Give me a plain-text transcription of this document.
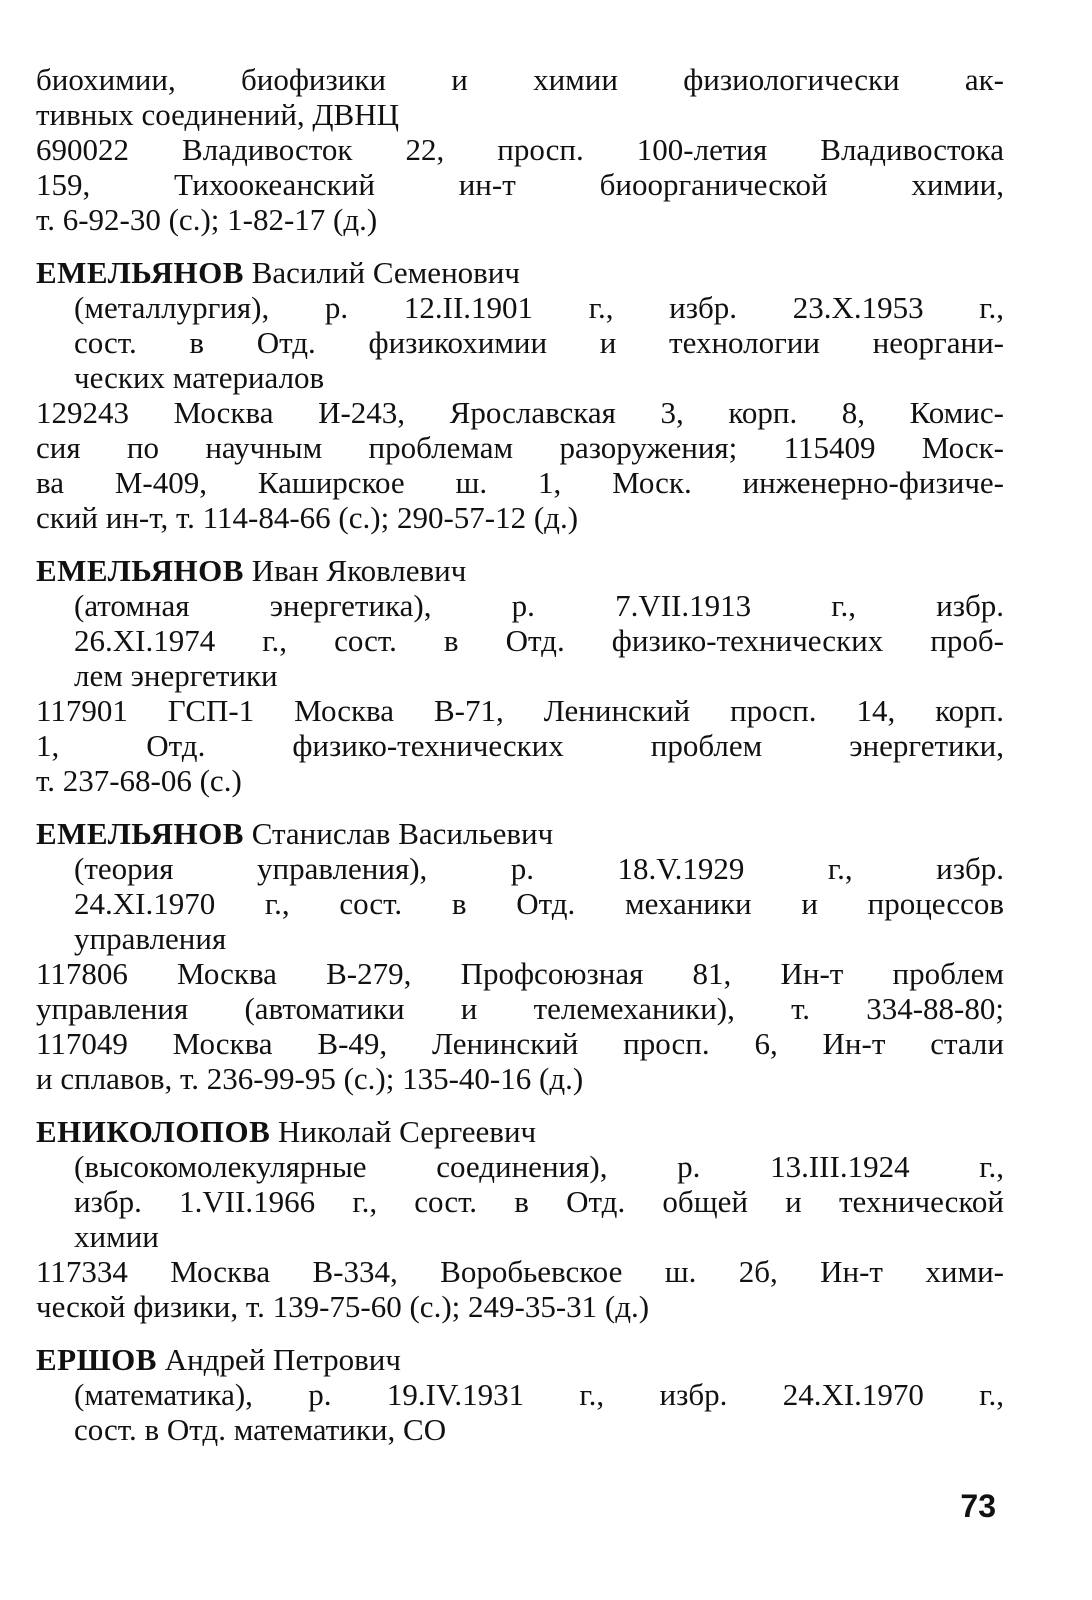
биохимии, биофизики и химии физиологически ак-
тивных соединений, ДВНЦ
690022 Владивосток 22, просп. 100-летия Владивостока
159, Тихоокеанский ин-т биоорганической химии,
т. 6-92-30 (с.); 1-82-17 (д.)
ЕМЕЛЬЯНОВ Василий Семенович
(металлургия), р. 12.II.1901 г., избр. 23.X.1953 г.,
сост. в Отд. физикохимии и технологии неоргани-
ческих материалов
129243 Москва И-243, Ярославская 3, корп. 8, Комис-
сия по научным проблемам разоружения; 115409 Моск-
ва М-409, Каширское ш. 1, Моск. инженерно-физиче-
ский ин-т, т. 114-84-66 (с.); 290-57-12 (д.)
ЕМЕЛЬЯНОВ Иван Яковлевич
(атомная энергетика), р. 7.VII.1913 г., избр.
26.XI.1974 г., сост. в Отд. физико-технических проб-
лем энергетики
117901 ГСП-1 Москва В-71, Ленинский просп. 14, корп.
1, Отд. физико-технических проблем энергетики,
т. 237-68-06 (с.)
ЕМЕЛЬЯНОВ Станислав Васильевич
(теория управления), р. 18.V.1929 г., избр.
24.XI.1970 г., сост. в Отд. механики и процессов
управления
117806 Москва В-279, Профсоюзная 81, Ин-т проблем
управления (автоматики и телемеханики), т. 334-88-80;
117049 Москва В-49, Ленинский просп. 6, Ин-т стали
и сплавов, т. 236-99-95 (с.); 135-40-16 (д.)
ЕНИКОЛОПОВ Николай Сергеевич
(высокомолекулярные соединения), р. 13.III.1924 г.,
избр. 1.VII.1966 г., сост. в Отд. общей и технической
химии
117334 Москва В-334, Воробьевское ш. 2б, Ин-т хими-
ческой физики, т. 139-75-60 (с.); 249-35-31 (д.)
ЕРШОВ Андрей Петрович
(математика), р. 19.IV.1931 г., избр. 24.XI.1970 г.,
сост. в Отд. математики, СО
73
